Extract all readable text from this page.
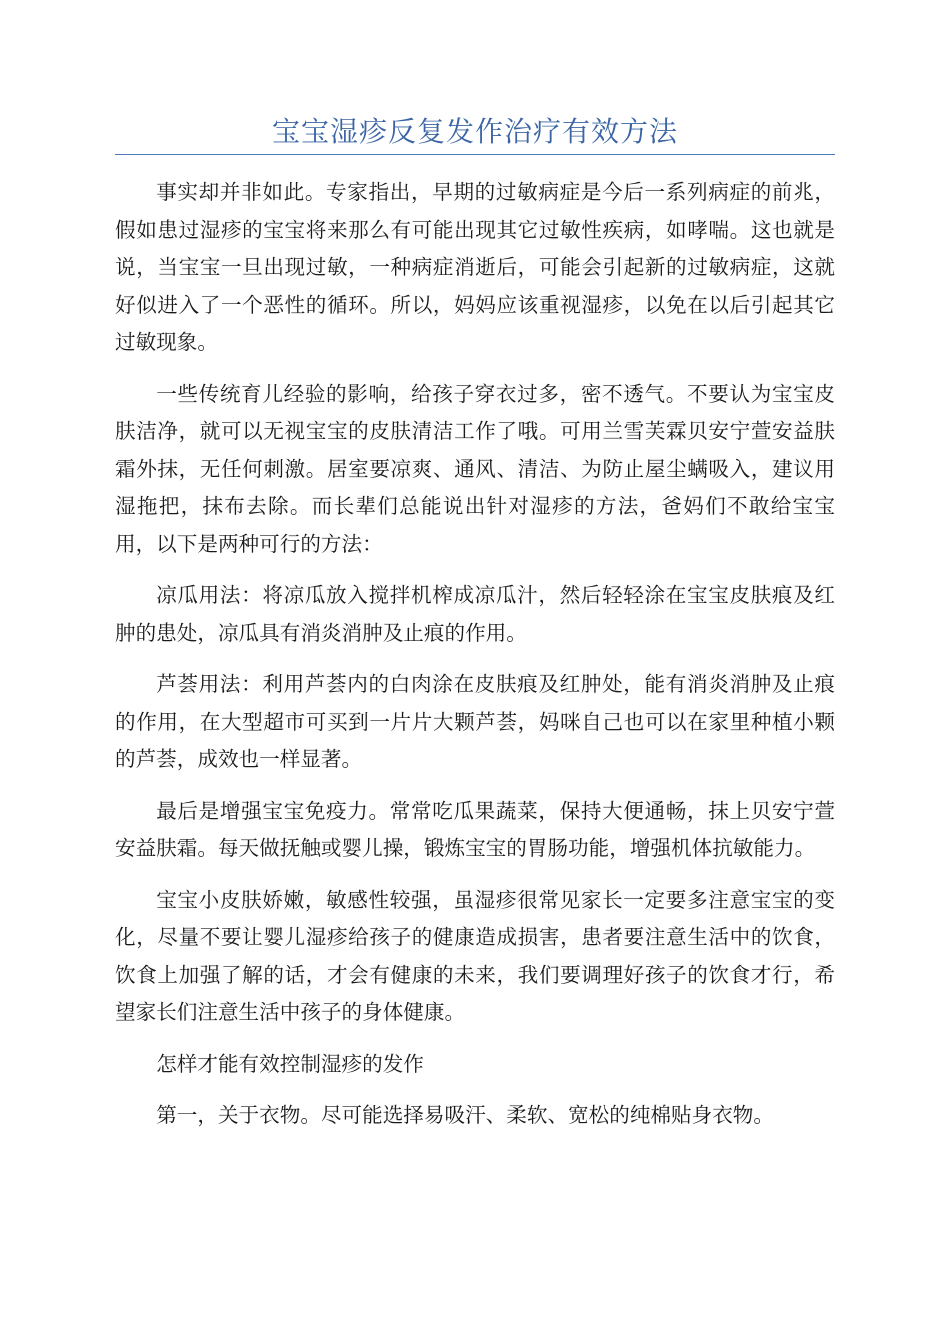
宝宝湿疹反复发作治疗有效方法

事实却并非如此。专家指出，早期的过敏病症是今后一系列病症的前兆，假如患过湿疹的宝宝将来那么有可能出现其它过敏性疾病，如哮喘。这也就是说，当宝宝一旦出现过敏，一种病症消逝后，可能会引起新的过敏病症，这就好似进入了一个恶性的循环。所以，妈妈应该重视湿疹，以免在以后引起其它过敏现象。

一些传统育儿经验的影响，给孩子穿衣过多，密不透气。不要认为宝宝皮肤洁净，就可以无视宝宝的皮肤清洁工作了哦。可用兰雪芙霖贝安宁萱安益肤霜外抹，无任何刺激。居室要凉爽、通风、清洁、为防止屋尘螨吸入，建议用湿拖把，抹布去除。而长辈们总能说出针对湿疹的方法，爸妈们不敢给宝宝用，以下是两种可行的方法：

凉瓜用法：将凉瓜放入搅拌机榨成凉瓜汁，然后轻轻涂在宝宝皮肤痕及红肿的患处，凉瓜具有消炎消肿及止痕的作用。

芦荟用法：利用芦荟内的白肉涂在皮肤痕及红肿处，能有消炎消肿及止痕的作用，在大型超市可买到一片片大颗芦荟，妈咪自己也可以在家里种植小颗的芦荟，成效也一样显著。

最后是增强宝宝免疫力。常常吃瓜果蔬菜，保持大便通畅，抹上贝安宁萱安益肤霜。每天做抚触或婴儿操，锻炼宝宝的胃肠功能，增强机体抗敏能力。

宝宝小皮肤娇嫩，敏感性较强，虽湿疹很常见家长一定要多注意宝宝的变化，尽量不要让婴儿湿疹给孩子的健康造成损害，患者要注意生活中的饮食，饮食上加强了解的话，才会有健康的未来，我们要调理好孩子的饮食才行，希望家长们注意生活中孩子的身体健康。

怎样才能有效控制湿疹的发作

第一，关于衣物。尽可能选择易吸汗、柔软、宽松的纯棉贴身衣物。
